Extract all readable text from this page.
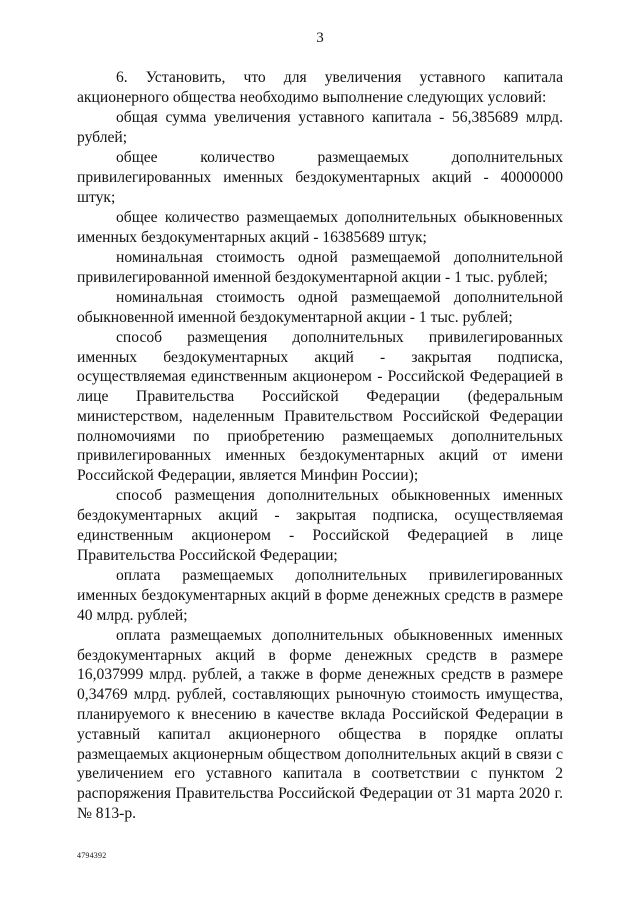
3

6. Установить, что для увеличения уставного капитала акционерного общества необходимо выполнение следующих условий:

общая сумма увеличения уставного капитала - 56,385689 млрд. рублей;

общее количество размещаемых дополнительных привилегированных именных бездокументарных акций - 40000000 штук;

общее количество размещаемых дополнительных обыкновенных именных бездокументарных акций - 16385689 штук;

номинальная стоимость одной размещаемой дополнительной привилегированной именной бездокументарной акции - 1 тыс. рублей;

номинальная стоимость одной размещаемой дополнительной обыкновенной именной бездокументарной акции - 1 тыс. рублей;

способ размещения дополнительных привилегированных именных бездокументарных акций - закрытая подписка, осуществляемая единственным акционером - Российской Федерацией в лице Правительства Российской Федерации (федеральным министерством, наделенным Правительством Российской Федерации полномочиями по приобретению размещаемых дополнительных привилегированных именных бездокументарных акций от имени Российской Федерации, является Минфин России);

способ размещения дополнительных обыкновенных именных бездокументарных акций - закрытая подписка, осуществляемая единственным акционером - Российской Федерацией в лице Правительства Российской Федерации;

оплата размещаемых дополнительных привилегированных именных бездокументарных акций в форме денежных средств в размере 40 млрд. рублей;

оплата размещаемых дополнительных обыкновенных именных бездокументарных акций в форме денежных средств в размере 16,037999 млрд. рублей, а также в форме денежных средств в размере 0,34769 млрд. рублей, составляющих рыночную стоимость имущества, планируемого к внесению в качестве вклада Российской Федерации в уставный капитал акционерного общества в порядке оплаты размещаемых акционерным обществом дополнительных акций в связи с увеличением его уставного капитала в соответствии с пунктом 2 распоряжения Правительства Российской Федерации от 31 марта 2020 г. № 813-р.

4794392
